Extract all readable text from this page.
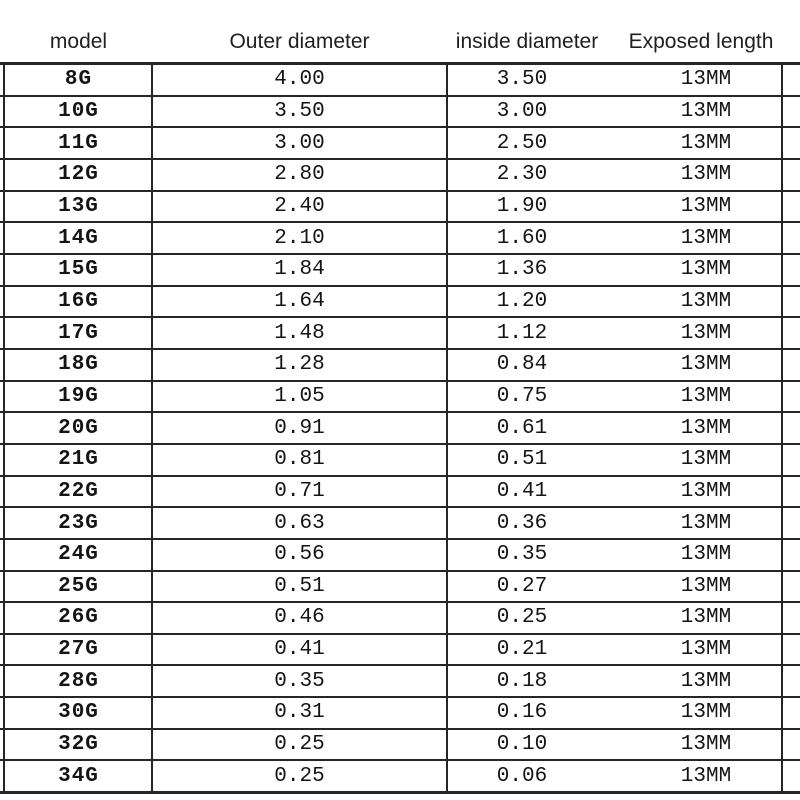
model	Outer diameter	inside diameter	Exposed length
8G	4.00	3.50	13MM
10G	3.50	3.00	13MM
11G	3.00	2.50	13MM
12G	2.80	2.30	13MM
13G	2.40	1.90	13MM
14G	2.10	1.60	13MM
15G	1.84	1.36	13MM
16G	1.64	1.20	13MM
17G	1.48	1.12	13MM
18G	1.28	0.84	13MM
19G	1.05	0.75	13MM
20G	0.91	0.61	13MM
21G	0.81	0.51	13MM
22G	0.71	0.41	13MM
23G	0.63	0.36	13MM
24G	0.56	0.35	13MM
25G	0.51	0.27	13MM
26G	0.46	0.25	13MM
27G	0.41	0.21	13MM
28G	0.35	0.18	13MM
30G	0.31	0.16	13MM
32G	0.25	0.10	13MM
34G	0.25	0.06	13MM
